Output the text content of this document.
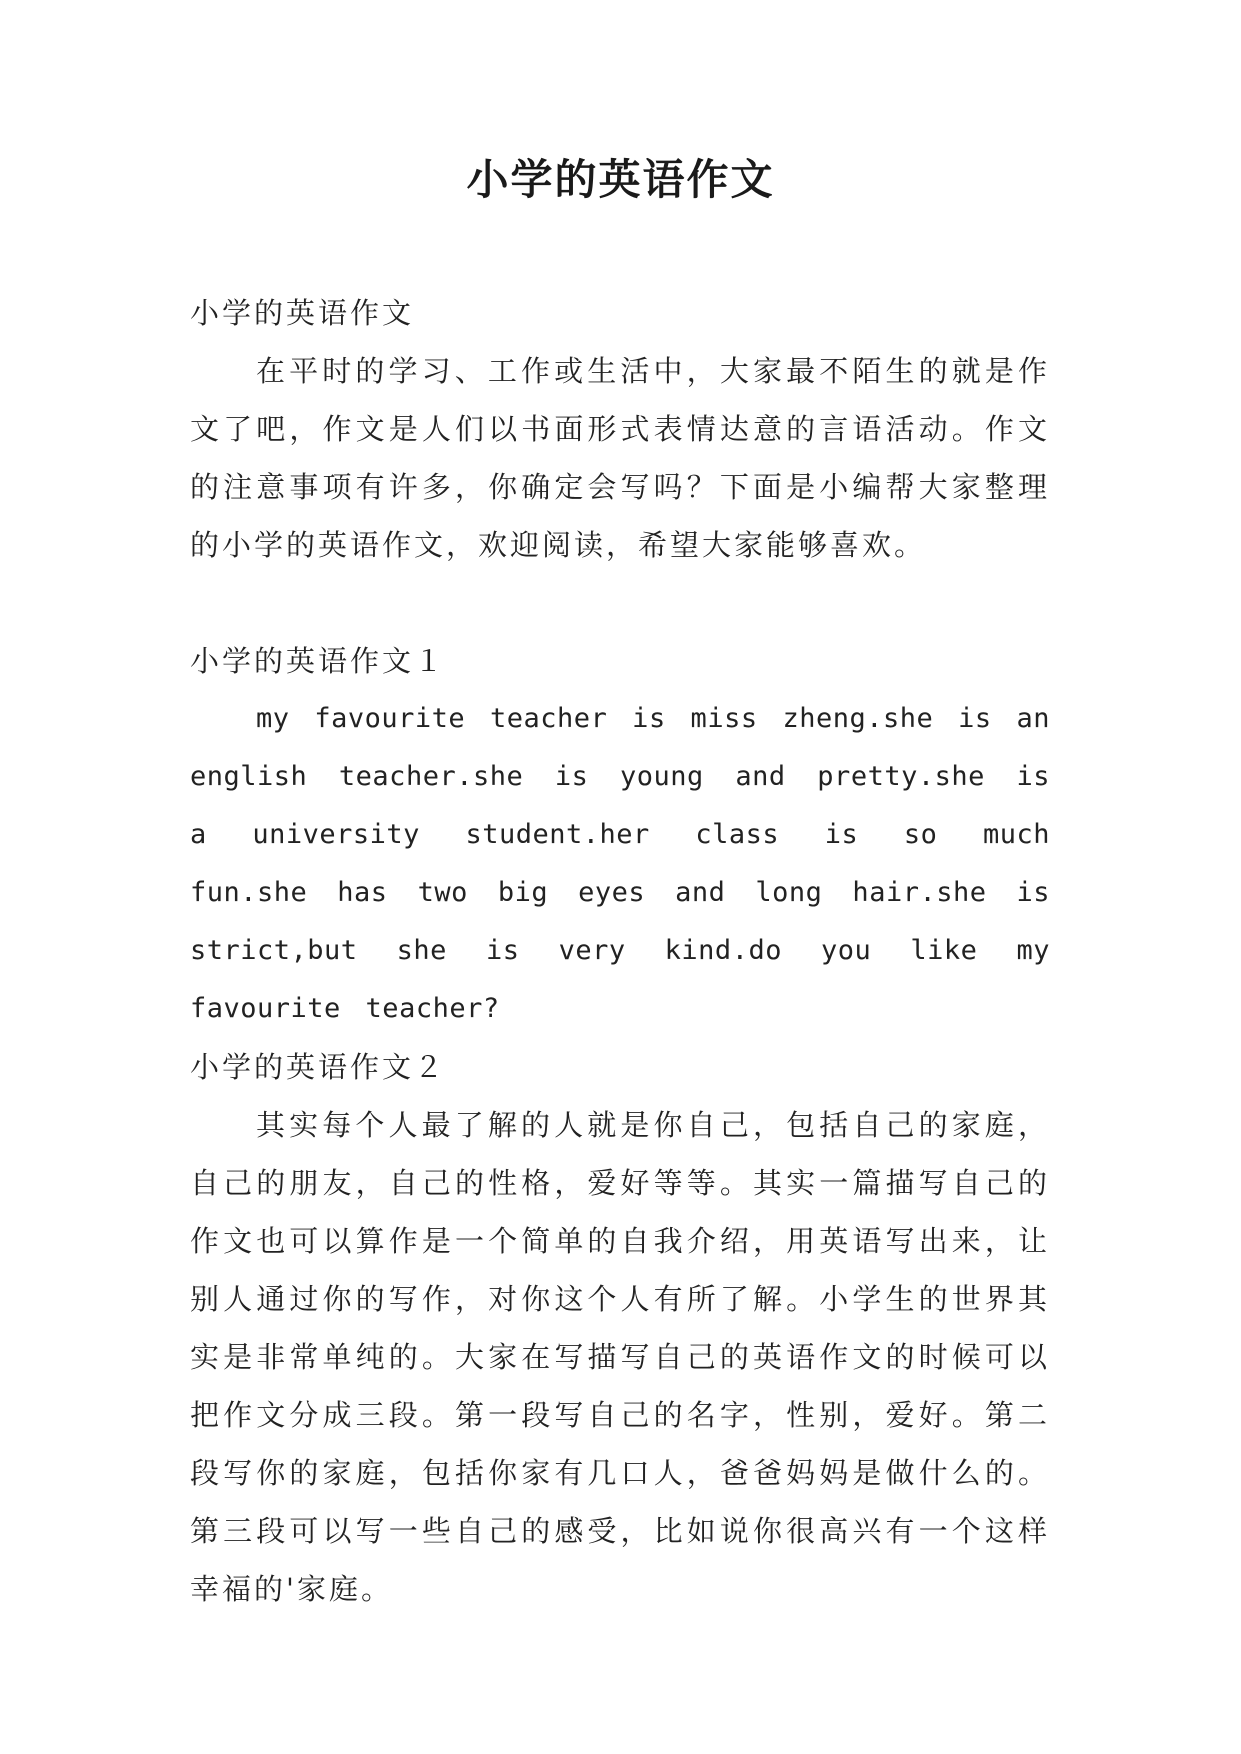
小学的英语作文

小学的英语作文

在平时的学习、工作或生活中，大家最不陌生的就是作文了吧，作文是人们以书面形式表情达意的言语活动。作文的注意事项有许多，你确定会写吗？下面是小编帮大家整理的小学的英语作文，欢迎阅读，希望大家能够喜欢。

小学的英语作文１

my favourite teacher is miss zheng.she is an english teacher.she is young and pretty.she is a university student.her class is so much fun.she has two big eyes and long hair.she is strict,but she is very kind.do you like my favourite teacher?

小学的英语作文２

其实每个人最了解的人就是你自己，包括自己的家庭，自己的朋友，自己的性格，爱好等等。其实一篇描写自己的作文也可以算作是一个简单的自我介绍，用英语写出来，让别人通过你的写作，对你这个人有所了解。小学生的世界其实是非常单纯的。大家在写描写自己的英语作文的时候可以把作文分成三段。第一段写自己的名字，性别，爱好。第二段写你的家庭，包括你家有几口人，爸爸妈妈是做什么的。第三段可以写一些自己的感受，比如说你很高兴有一个这样幸福的'家庭。
